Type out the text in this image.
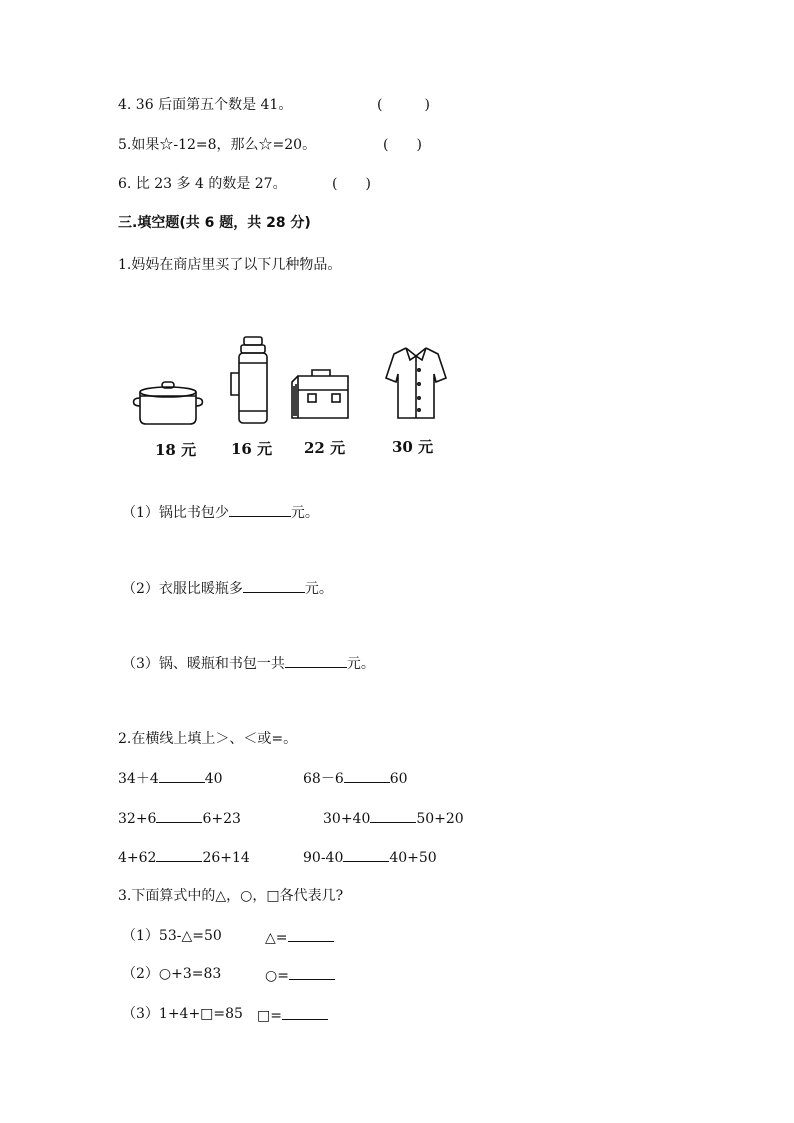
4. 36 后面第五个数是 41。	(　　　)
5.如果☆-12=8，那么☆=20。	(　　)
6. 比 23 多 4 的数是 27。	(　　)
三.填空题(共 6 题，共 28 分)
1.妈妈在商店里买了以下几种物品。
18 元 16 元 22 元	30 元
（1）锅比书包少	元。
（2）衣服比暖瓶多	元。
（3）锅、暖瓶和书包一共	元。
2.在横线上填上＞、＜或=。
34＋4	40	68－6	60
32+6	6+23	30+40	50+20
4+62	26+14	90-40	40+50
3.下面算式中的△，○，□各代表几?
（1）53-△=50	△=
（2）○+3=83	○=
（3）1+4+□=85 □=
